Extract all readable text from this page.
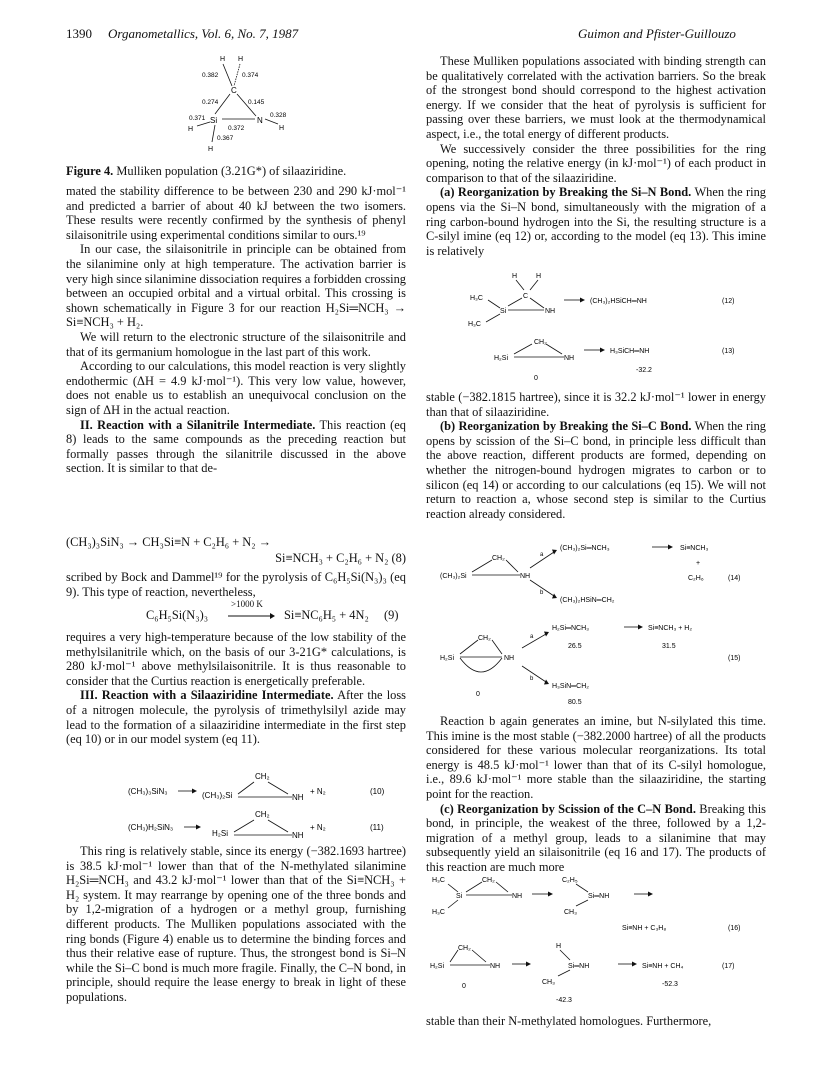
1390 Organometallics, Vol. 6, No. 7, 1987	Guimon and Pfister-Guillouzo
H H
0.382	0.374
C
0.274	0.145
Si	N
H
0.328
0.372
H
0.371
H
0.367
Figure 4. Mulliken population (3.21G*) of silaaziridine.

mated the stability difference to be between 230 and 290 kJ·mol⁻¹ and predicted a barrier of about 40 kJ between the two isomers. These results were recently confirmed by the synthesis of phenyl silaisonitrile using experimental conditions similar to ours.¹⁹

In our case, the silaisonitrile in principle can be obtained from the silanimine only at high temperature. The activation barrier is very high since silanimine dissociation requires a forbidden crossing between an occupied orbital and a virtual orbital. This crossing is shown schematically in Figure 3 for our reaction H₂Si═NCH₃ → Si≡NCH₃ + H₂.

We will return to the electronic structure of the silaisonitrile and that of its germanium homologue in the last part of this work.

According to our calculations, this model reaction is very slightly endothermic (ΔH = 4.9 kJ·mol⁻¹). This very low value, however, does not enable us to establish an unequivocal conclusion on the sign of ΔH in the actual reaction.

II. Reaction with a Silanitrile Intermediate. This reaction (eq 8) leads to the same compounds as the preceding reaction but formally passes through the silanitrile discussed in the above section. It is similar to that de-

(CH₃)₃SiN₃ → CH₃Si≡N + C₂H₆ + N₂ →
Si≡NCH₃ + C₂H₆ + N₂ (8)

scribed by Bock and Dammel¹⁹ for the pyrolysis of C₆H₅Si(N₃)₃ (eq 9). This type of reaction, nevertheless,

C₆H₅Si(N₃)₃
>1000 K
Si≡NC₆H₅ + 4N₂ (9)

requires a very high-temperature because of the low stability of the methylsilanitrile which, on the basis of our 3-21G* calculations, is 280 kJ·mol⁻¹ above methylsilaisonitrile. It is thus reasonable to consider that the Curtius reaction is energetically preferable.

III. Reaction with a Silaaziridine Intermediate. After the loss of a nitrogen molecule, the pyrolysis of trimethylsilyl azide may lead to the formation of a silaaziridine intermediate in the first step (eq 10) or in our model system (eq 11).

(CH₃)₃SiN₃	(CH₃)₂Si
CH₂
NH
+ N₂	(10)
(CH₃)H₂SiN₃
H₂Si
CH₂
NH
+ N₂	(11)

This ring is relatively stable, since its energy (−382.1693 hartree) is 38.5 kJ·mol⁻¹ lower than that of the N-methylated silanimine H₂Si═NCH₃ and 43.2 kJ·mol⁻¹ lower than that of the Si≡NCH₃ + H₂ system. It may rearrange by opening one of the three bonds and by 1,2-migration of a hydrogen or a methyl group, furnishing different products. The Mulliken populations associated with the ring bonds (Figure 4) enable us to determine the binding forces and thus their relative ease of rupture. Thus, the strongest bond is Si–N while the Si–C bond is much more fragile. Finally, the C–N bond, in principle, should require the lease energy to break in light of these populations.

These Mulliken populations associated with binding strength can be qualitatively correlated with the activation barriers. So the break of the strongest bond should correspond to the highest activation energy. If we consider that the heat of pyrolysis is sufficient for passing over these barriers, we must look at the thermodynamical aspect, i.e., the total energy of different products.

We successively consider the three possibilities for the ring opening, noting the relative energy (in kJ·mol⁻¹) of each product in comparison to that of the silaaziridine.

(a) Reorganization by Breaking the Si–N Bond. When the ring opens via the Si–N bond, simultaneously with the migration of a ring carbon-bound hydrogen into the Si, the resulting structure is a C-silyl imine (eq 12) or, according to the model (eq 13). This imine is relatively

H	H
C
H₃C
Si	NH
H₃C
(CH₃)₂HSiCH═NH	(12)
CH₂
H₂Si	NH
0
H₃SiCH═NH
-32.2
(13)

stable (−382.1815 hartree), since it is 32.2 kJ·mol⁻¹ lower in energy than that of silaaziridine.

(b) Reorganization by Breaking the Si–C Bond. When the ring opens by scission of the Si–C bond, in principle less difficult than the above reaction, different products are formed, depending on whether the nitrogen-bound hydrogen migrates to carbon or to silicon (eq 14) or according to our calculations (eq 15). We will not return to reaction a, whose second step is similar to the Curtius reaction already considered.

CH₂
(CH₃)₂Si	NH
a
b
(CH₃)₂Si═NCH₃	Si≡NCH₃
+
C₂H₆	(14)
(CH₃)₂HSiN═CH₂
CH₂
H₂Si	NH
0
a
b
H₂Si═NCH₃
26.5
Si≡NCH₃ + H₂
31.5
(15)
H₃SiN═CH₂
80.5

Reaction b again generates an imine, but N-silylated this time. This imine is the most stable (−382.2000 hartree) of all the products considered for these various molecular reorganizations. Its total energy is 48.5 kJ·mol⁻¹ lower than that of its C-silyl homologue, i.e., 89.6 kJ·mol⁻¹ more stable than the silaaziridine, the starting point for the reaction.

(c) Reorganization by Scission of the C–N Bond. Breaking this bond, in principle, the weakest of the three, followed by a 1,2-migration of a methyl group, leads to a silanimine that may subsequently yield an silaisonitrile (eq 16 and 17). The products of this reaction are much more

H₃C
Si
CH₂
NH
H₃C
C₂H₅
Si═NH
CH₃
Si≡NH + C₃H₈	(16)
CH₂
H₂Si	NH
0
H
Si═NH
CH₃
-42.3
Si≡NH + CH₄
-52.3
(17)

stable than their N-methylated homologues. Furthermore,
